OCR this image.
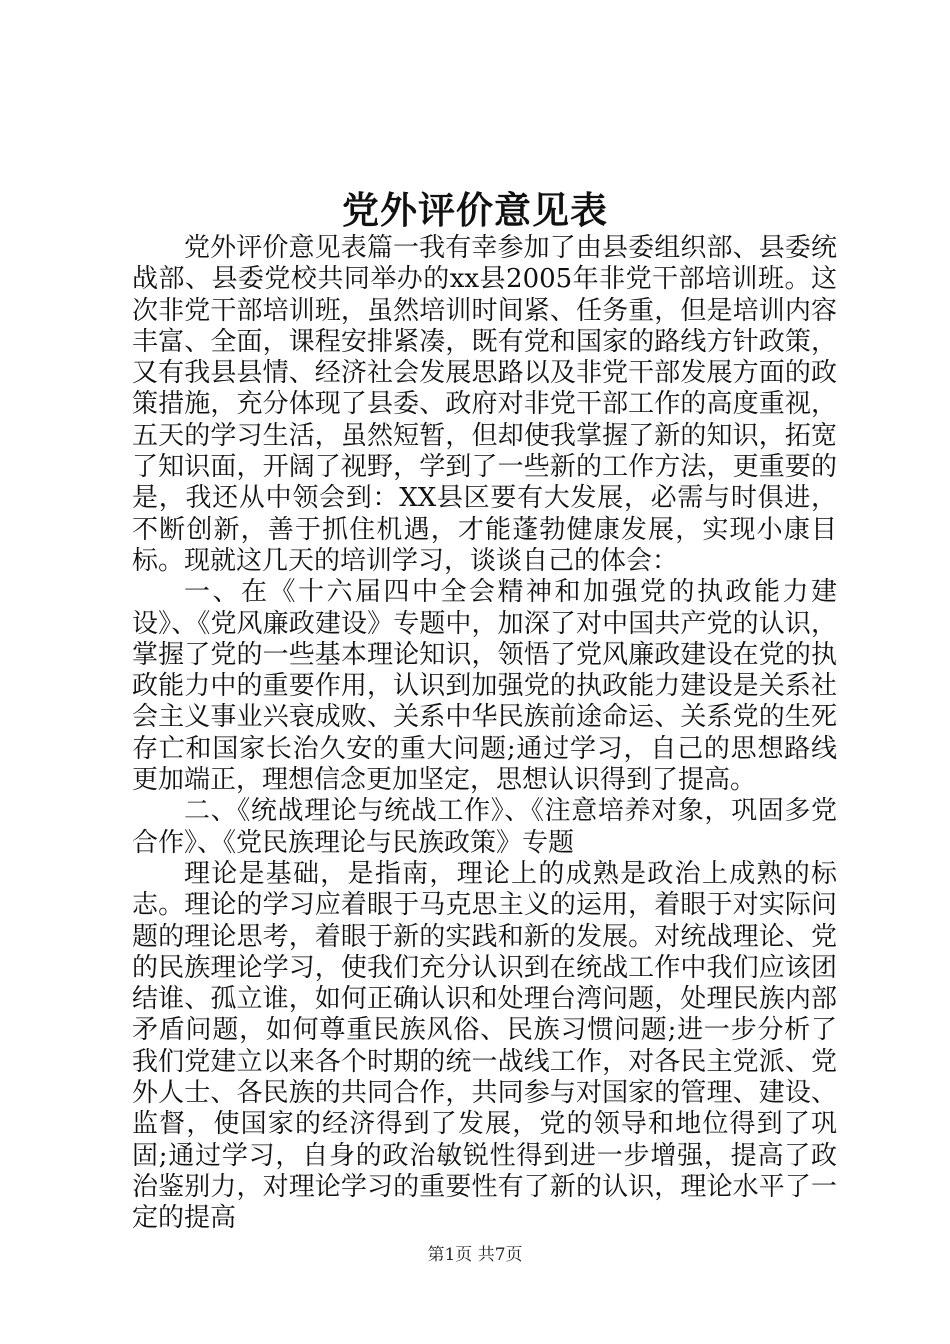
党外评价意见表

党外评价意见表篇一我有幸参加了由县委组织部、县委统战部、县委党校共同举办的xx县2005年非党干部培训班。这次非党干部培训班，虽然培训时间紧、任务重，但是培训内容丰富、全面，课程安排紧凑，既有党和国家的路线方针政策，又有我县县情、经济社会发展思路以及非党干部发展方面的政策措施，充分体现了县委、政府对非党干部工作的高度重视，五天的学习生活，虽然短暂，但却使我掌握了新的知识，拓宽了知识面，开阔了视野，学到了一些新的工作方法，更重要的是，我还从中领会到：XX县区要有大发展，必需与时俱进，不断创新，善于抓住机遇，才能蓬勃健康发展，实现小康目标。现就这几天的培训学习，谈谈自己的体会：

一、在《十六届四中全会精神和加强党的执政能力建设》、《党风廉政建设》专题中，加深了对中国共产党的认识，掌握了党的一些基本理论知识，领悟了党风廉政建设在党的执政能力中的重要作用，认识到加强党的执政能力建设是关系社会主义事业兴衰成败、关系中华民族前途命运、关系党的生死存亡和国家长治久安的重大问题;通过学习，自己的思想路线更加端正，理想信念更加坚定，思想认识得到了提高。

二、《统战理论与统战工作》、《注意培养对象，巩固多党合作》、《党民族理论与民族政策》专题

理论是基础，是指南，理论上的成熟是政治上成熟的标志。理论的学习应着眼于马克思主义的运用，着眼于对实际问题的理论思考，着眼于新的实践和新的发展。对统战理论、党的民族理论学习，使我们充分认识到在统战工作中我们应该团结谁、孤立谁，如何正确认识和处理台湾问题，处理民族内部矛盾问题，如何尊重民族风俗、民族习惯问题;进一步分析了我们党建立以来各个时期的统一战线工作，对各民主党派、党外人士、各民族的共同合作，共同参与对国家的管理、建设、监督，使国家的经济得到了发展，党的领导和地位得到了巩固;通过学习，自身的政治敏锐性得到进一步增强，提高了政治鉴别力，对理论学习的重要性有了新的认识，理论水平了一定的提高

第1页 共7页
